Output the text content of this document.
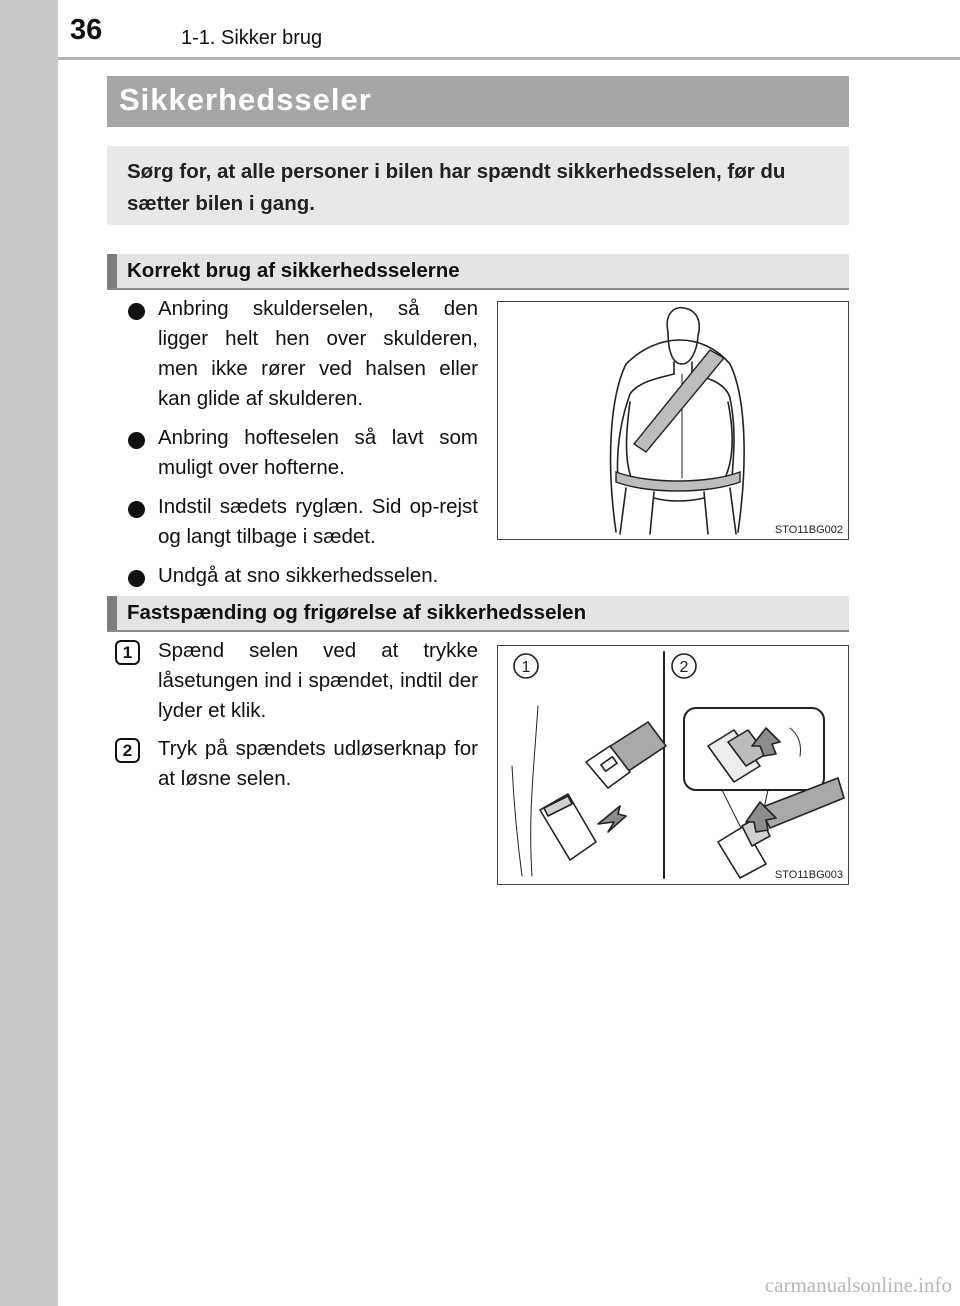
36	1-1. Sikker brug
Sikkerhedsseler

Sørg for, at alle personer i bilen har spændt sikkerhedsselen, før du sætter bilen i gang.

Korrekt brug af sikkerhedsselerne
Anbring skulderselen, så den ligger helt hen over skulderen, men ikke rører ved halsen eller kan glide af skulderen.
Anbring hofteselen så lavt som muligt over hofterne.
Indstil sædets ryglæn. Sid op-rejst og langt tilbage i sædet.
Undgå at sno sikkerhedsselen.
STO11BG002
Fastspænding og frigørelse af sikkerhedsselen
1	Spænd selen ved at trykke låsetungen ind i spændet, indtil der lyder et klik.
2	Tryk på spændets udløserknap for at løsne selen.
1	2
STO11BG003
carmanualsonline.info
